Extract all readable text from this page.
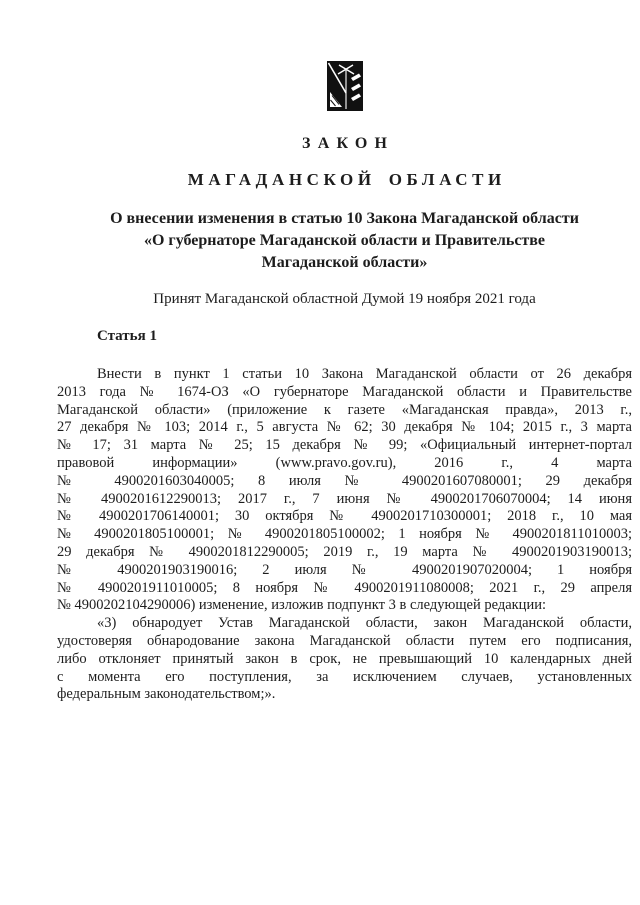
ЗАКОН
МАГАДАНСКОЙ ОБЛАСТИ
О внесении изменения в статью 10 Закона Магаданской области
«О губернаторе Магаданской области и Правительстве
Магаданской области»
Принят Магаданской областной Думой 19 ноября 2021 года
Статья 1
Внести в пункт 1 статьи 10 Закона Магаданской области от 26 декабря
2013 года № 1674-ОЗ «О губернаторе Магаданской области и Правительстве
Магаданской области» (приложение к газете «Магаданская правда», 2013 г.,
27 декабря № 103; 2014 г., 5 августа № 62; 30 декабря № 104; 2015 г., 3 марта
№ 17; 31 марта № 25; 15 декабря № 99; «Официальный интернет-портал
правовой информации» (www.pravo.gov.ru), 2016 г., 4 марта
№ 4900201603040005; 8 июля № 4900201607080001; 29 декабря
№ 4900201612290013; 2017 г., 7 июня № 4900201706070004; 14 июня
№ 4900201706140001; 30 октября № 4900201710300001; 2018 г., 10 мая
№ 4900201805100001; № 4900201805100002; 1 ноября № 4900201811010003;
29 декабря № 4900201812290005; 2019 г., 19 марта № 4900201903190013;
№ 4900201903190016; 2 июля № 4900201907020004; 1 ноября
№ 4900201911010005; 8 ноября № 4900201911080008; 2021 г., 29 апреля
№ 4900202104290006) изменение, изложив подпункт 3 в следующей редакции:
«3) обнародует Устав Магаданской области, закон Магаданской области,
удостоверяя обнародование закона Магаданской области путем его подписания,
либо отклоняет принятый закон в срок, не превышающий 10 календарных дней
с момента его поступления, за исключением случаев, установленных
федеральным законодательством;».
